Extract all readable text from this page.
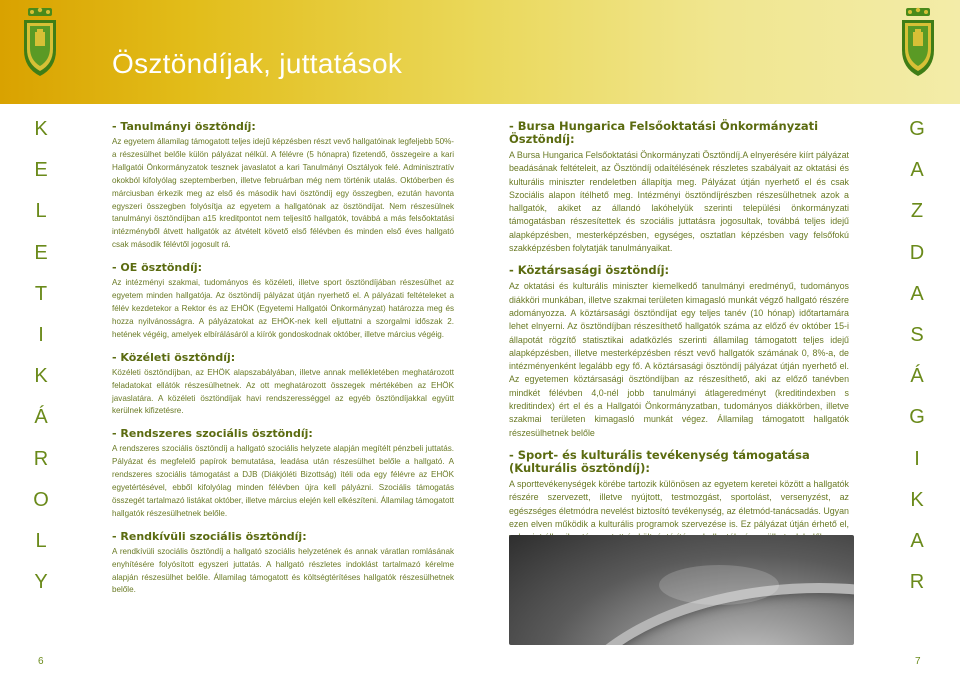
Ösztöndíjak, juttatások
K
E
L
E
T
I
K
Á
R
O
L
Y
G
A
Z
D
A
S
Á
G
I
K
A
R
- Tanulmányi ösztöndíj:

Az egyetem államilag támogatott teljes idejű képzésben részt vevő hallgatóinak legfeljebb 50%-a részesülhet belőle külön pályázat nélkül. A félévre (5 hónapra) fizetendő, összegeire a kari Hallgatói Önkormányzatok tesznek javaslatot a kari Tanulmányi Osztályok felé. Adminisztratív okokból kifolyólag szeptemberben, illetve februárban még nem történik utalás. Októberben és márciusban érkezik meg az első és második havi ösztöndíj egy összegben, ezután havonta egyszeri összegben folyósítja az egyetem a hallgatónak az ösztöndíjat. Nem részesülnek tanulmányi ösztöndíjban a15 kreditpontot nem teljesítő hallgatók, továbbá a más felsőoktatási intézményből átvett hallgatók az átvételt követő első félévben és minden első éves hallgató csak második félévtől jogosult rá.

- OE ösztöndíj:

Az intézményi szakmai, tudományos és közéleti, illetve sport ösztöndíjában részesülhet az egyetem minden hallgatója. Az ösztöndíj pályázat útján nyerhető el. A pályázati feltételeket a félév kezdetekor a Rektor és az EHÖK (Egyetemi Hallgatói Önkormányzat) határozza meg és hozza nyilvánosságra. A pályázatokat az EHÖK-nek kell eljuttatni a szorgalmi időszak 2. hetének végéig, amelyek elbírálásáról a kiírók gondoskodnak október, illetve március végéig.

- Közéleti ösztöndíj:

Közéleti ösztöndíjban, az EHÖK alapszabályában, illetve annak mellékletében meghatározott feladatokat ellátók részesülhetnek. Az ott meghatározott összegek mértékében az EHÖK javaslatára. A közéleti ösztöndíjak havi rendszerességgel az egyéb ösztöndíjakkal együtt kerülnek kifizetésre.

- Rendszeres szociális ösztöndíj:

A rendszeres szociális ösztöndíj a hallgató szociális helyzete alapján megítélt pénzbeli juttatás. Pályázat és megfelelő papírok bemutatása, leadása után részesülhet belőle a hallgató. A rendszeres szociális támogatást a DJB (Diákjóléti Bizottság) ítéli oda egy félévre az EHÖK egyetértésével, ebből kifolyólag minden félévben újra kell pályázni. Szociális támogatás összegét tartalmazó listákat október, illetve március elején kell elkészíteni. Államilag támogatott hallgatók részesülhetnek belőle.

- Rendkívüli szociális ösztöndíj:

A rendkívüli szociális ösztöndíj a hallgató szociális helyzetének és annak váratlan romlásának enyhítésére folyósított egyszeri juttatás. A hallgató részletes indoklást tartalmazó kérelme alapján részesülhet belőle. Államilag támogatott és költségtérítéses hallgatók részesülhetnek belőle.

- Bursa Hungarica Felsőoktatási Önkormányzati Ösztöndíj:

A Bursa Hungarica Felsőoktatási Önkormányzati Ösztöndíj.A elnyerésére kiírt pályázat beadásának feltételeit, az Ösztöndíj odaítélésének részletes szabályait az oktatási és kulturális miniszter rendeletben állapítja meg. Pályázat útján nyerhető el és csak Szociális alapon ítélhető meg. Intézményi ösztöndíjrészben részesülhetnek azok a hallgatók, akiket az állandó lakóhelyük szerinti települési önkormányzati támogatásban részesítettek és szociális juttatásra jogosultak, továbbá teljes idejű alapképzésben, mesterképzésben, egységes, osztatlan képzésben vagy felsőfokú szakképzésben folytatják tanulmányaikat.

- Köztársasági ösztöndíj:

Az oktatási és kulturális miniszter kiemelkedő tanulmányi eredményű, tudományos diákköri munkában, illetve szakmai területen kimagasló munkát végző hallgató részére adományozza. A köztársasági ösztöndíjat egy teljes tanév (10 hónap) időtartamára lehet elnyerni. Az ösztöndíjban részesíthető hallgatók száma az előző év október 15-i állapotát rögzítő statisztikai adatközlés szerinti államilag támogatott teljes idejű alapképzésben, illetve mesterképzésben részt vevő hallgatók számának 0, 8%-a, de intézményenként legalább egy fő. A köztársasági ösztöndíj pályázat útján nyerhető el. Az egyetemen köztársasági ösztöndíjban az részesíthető, aki az előző tanévben mindkét félévben 4,0-nél jobb tanulmányi átlageredményt (kreditindexben s kreditindex) ért el és a Hallgatói Önkormányzatban, tudományos diákkörben, illetve szakmai területen kimagasló munkát végez. Államilag támogatott hallgatók részesülhetnek belőle

- Sport- és kulturális tevékenység támogatása (Kulturális ösztöndíj):

A sporttevékenységek körébe tartozik különösen az egyetem keretei között a hallgatók részére szervezett, illetve nyújtott, testmozgást, sportolást, versenyzést, az egészséges életmódra nevelést biztosító tevékenység, az életmód-tanácsadás. Ugyan ezen elven működik a kulturális programok szervezése is. Ez pályázat útján érhető el,

6	7
